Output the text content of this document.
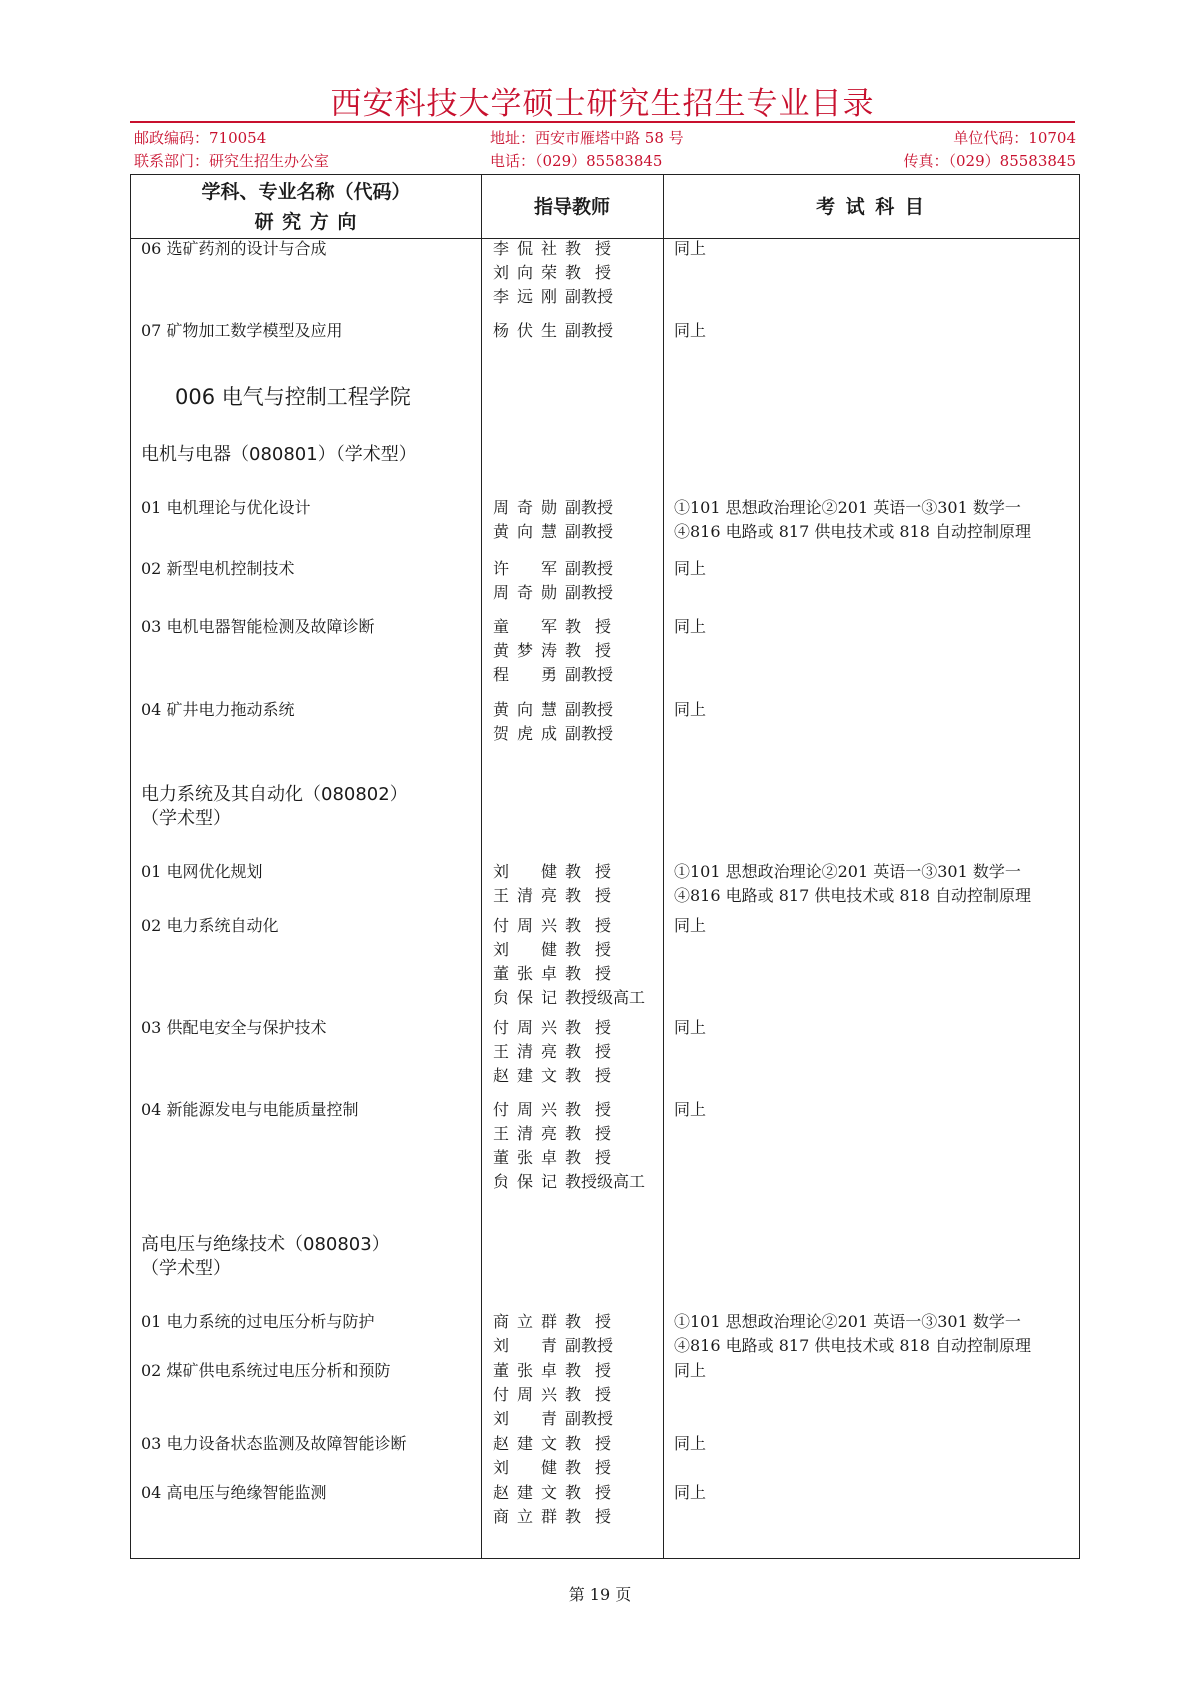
西安科技大学硕士研究生招生专业目录
邮政编码：710054	地址：西安市雁塔中路 58 号	单位代码：10704
联系部门：研究生招生办公室	电话：（029）85583845	传真：（029）85583845
学科、专业名称（代码）
研 究 方 向
指导教师	考 试 科 目
006 电气与控制工程学院
电机与电器（080801）（学术型）
电力系统及其自动化（080802）
（学术型）
高电压与绝缘技术（080803）
（学术型）
06 选矿药剂的设计与合成	李侃社 教授
刘向荣 教授
李远刚 副教授
同上
07 矿物加工数学模型及应用	杨伏生 副教授	同上
01 电机理论与优化设计	周奇勋 副教授
黄向慧 副教授
①101 思想政治理论②201 英语一③301 数学一
④816 电路或 817 供电技术或 818 自动控制原理
02 新型电机控制技术	许军 副教授
周奇勋 副教授
同上
03 电机电器智能检测及故障诊断	童军 教授
黄梦涛 教授
程勇 副教授
同上
04 矿井电力拖动系统	黄向慧 副教授
贺虎成 副教授
同上
01 电网优化规划	刘健 教授
王清亮 教授
①101 思想政治理论②201 英语一③301 数学一
④816 电路或 817 供电技术或 818 自动控制原理
02 电力系统自动化	付周兴 教授
刘健 教授
董张卓 教授
贠保记 教授级高工
同上
03 供配电安全与保护技术	付周兴 教授
王清亮 教授
赵建文 教授
同上
04 新能源发电与电能质量控制	付周兴 教授
王清亮 教授
董张卓 教授
贠保记 教授级高工
同上
01 电力系统的过电压分析与防护	商立群 教授
刘青 副教授
①101 思想政治理论②201 英语一③301 数学一
④816 电路或 817 供电技术或 818 自动控制原理
02 煤矿供电系统过电压分析和预防	董张卓 教授
付周兴 教授
刘青 副教授
同上
03 电力设备状态监测及故障智能诊断	赵建文 教授
刘健 教授
同上
04 高电压与绝缘智能监测	赵建文 教授
商立群 教授
同上
第 19 页
